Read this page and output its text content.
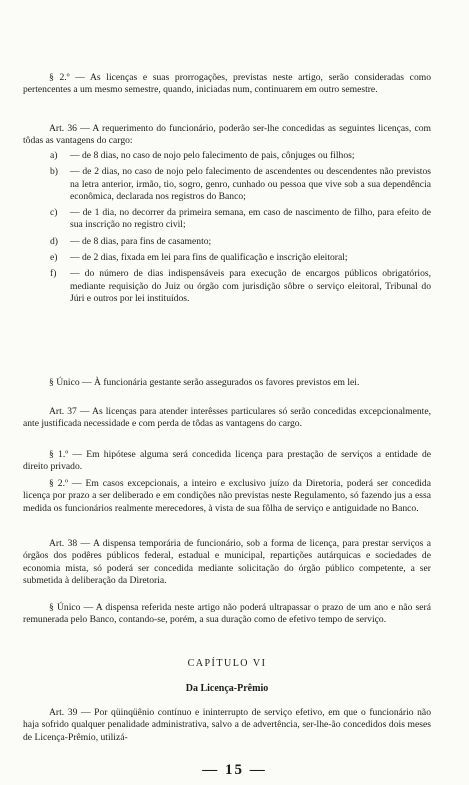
§ 2.º — As licenças e suas prorrogações, previstas neste artigo, serão consideradas como pertencentes a um mesmo semestre, quando, iniciadas num, continuarem em outro semestre.

Art. 36 — A requerimento do funcionário, poderão ser-lhe concedidas as seguintes licenças, com tôdas as vantagens do cargo:

a)	— de 8 dias, no caso de nojo pelo falecimento de pais, cônjuges ou filhos;
b)	— de 2 dias, no caso de nojo pelo falecimento de ascendentes ou descendentes não previstos na letra anterior, irmão, tio, sogro, genro, cunhado ou pessoa que vive sob a sua dependência econômica, declarada nos registros do Banco;
c)	— de 1 dia, no decorrer da primeira semana, em caso de nascimento de filho, para efeito de sua inscrição no registro civil;
d)	— de 8 dias, para fins de casamento;
e)	— de 2 dias, fixada em lei para fins de qualificação e inscrição eleitoral;
f)	— do número de dias indispensáveis para execução de encargos públicos obrigatórios, mediante requisição do Juiz ou órgão com jurisdição sôbre o serviço eleitoral, Tribunal do Júri e outros por lei instituídos.

§ Único — À funcionária gestante serão assegurados os favores previstos em lei.

Art. 37 — As licenças para atender interêsses particulares só serão concedidas excepcionalmente, ante justificada necessidade e com perda de tôdas as vantagens do cargo.

§ 1.º — Em hipótese alguma será concedida licença para prestação de serviços a entidade de direito privado.

§ 2.º — Em casos excepcionais, a inteiro e exclusivo juízo da Diretoria, poderá ser concedida licença por prazo a ser deliberado e em condições não previstas neste Regulamento, só fazendo jus a essa medida os funcionários realmente merecedores, à vista de sua fôlha de serviço e antiguidade no Banco.

Art. 38 — A dispensa temporária de funcionário, sob a forma de licença, para prestar serviços a órgãos dos podêres públicos federal, estadual e municipal, repartições autárquicas e sociedades de economia mista, só poderá ser concedida mediante solicitação do órgão público competente, a ser submetida à deliberação da Diretoria.

§ Único — A dispensa referida neste artigo não poderá ultrapassar o prazo de um ano e não será remunerada pelo Banco, contando-se, porém, a sua duração como de efetivo tempo de serviço.

CAPÍTULO VI

Da Licença-Prêmio

Art. 39 — Por qüinqüênio contínuo e ininterrupto de serviço efetivo, em que o funcionário não haja sofrido qualquer penalidade administrativa, salvo a de advertência, ser-lhe-ão concedidos dois meses de Licença-Prêmio, utilizá-

— 15 —
